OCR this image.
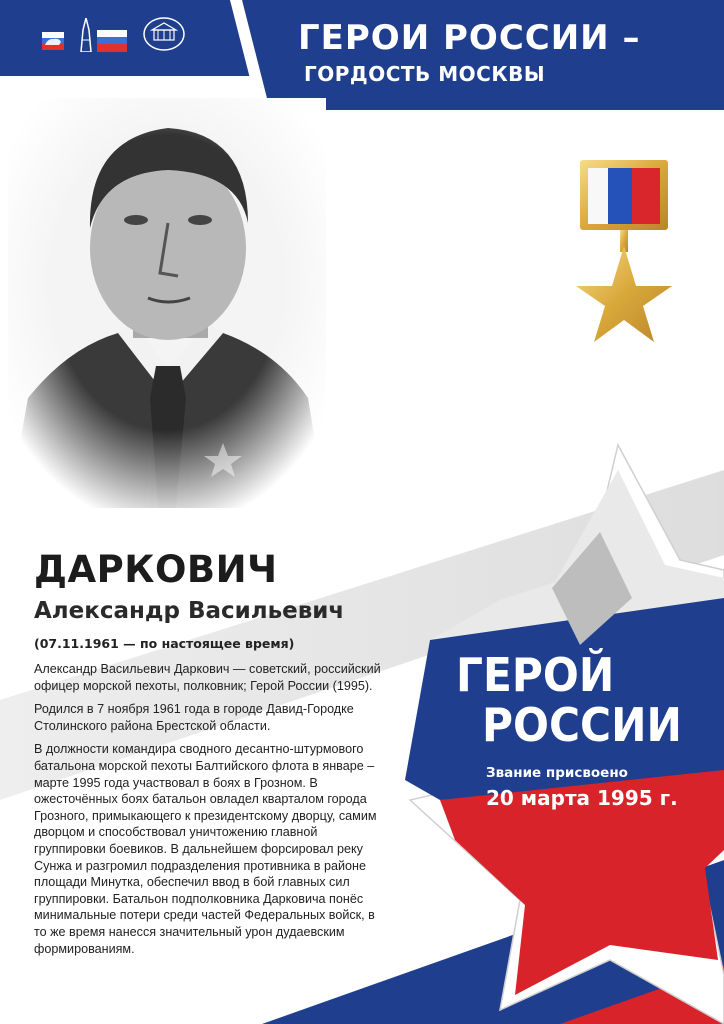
ГЕРОИ РОССИИ –
ГОРДОСТЬ МОСКВЫ
ДАРКОВИЧ
Александр Васильевич
(07.11.1961 — по настоящее время)

Александр Васильевич Даркович — советский, российский офицер морской пехоты, полковник; Герой России (1995).

Родился в 7 ноября 1961 года в городе Давид-Городке Столинского района Брестской области.

В должности командира сводного десантно-штурмового батальона морской пехоты Балтийского флота в январе – марте 1995 года участвовал в боях в Грозном. В ожесточённых боях батальон овладел кварталом города Грозного, примыкающего к президентскому дворцу, самим дворцом и способствовал уничтожению главной группировки боевиков. В дальнейшем форсировал реку Сунжа и разгромил подразделения противника в районе площади Минутка, обеспечил ввод в бой главных сил группировки. Батальон подполковника Дарковича понёс минимальные потери среди частей Федеральных войск, в то же время нанесся значительный урон дудаевским формированиям.

ГЕРОЙ
РОССИИ
Звание присвоено
20 марта 1995 г.
